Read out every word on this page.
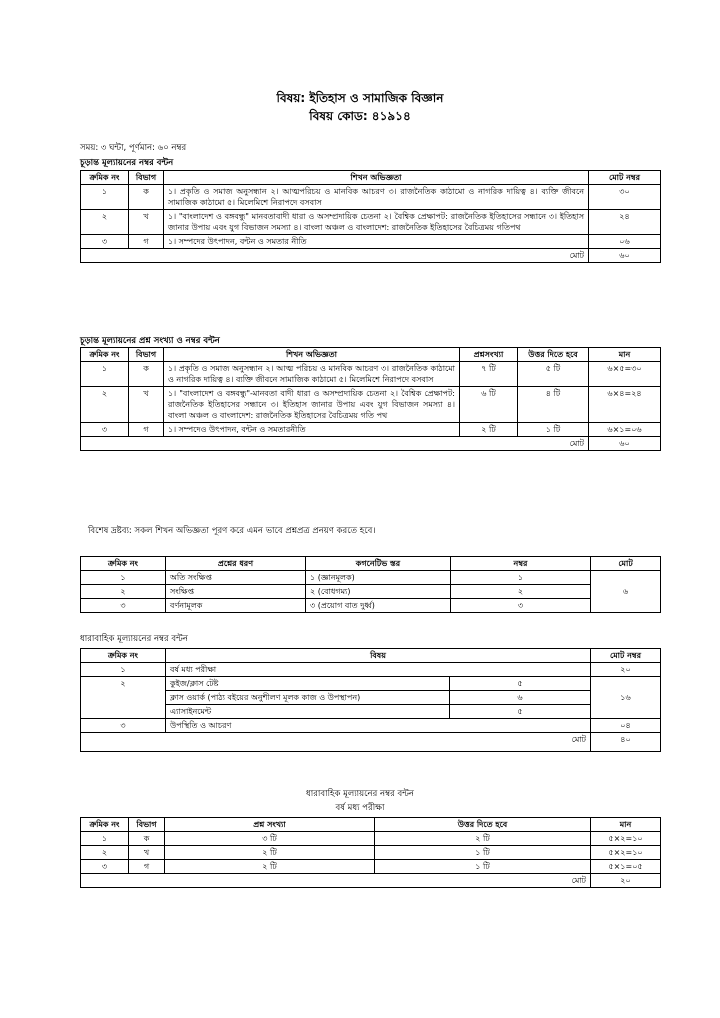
বিষয়: ইতিহাস ও সামাজিক বিজ্ঞান
বিষয় কোড: ৪১৯১৪
সময়: ৩ ঘন্টা, পূর্ণমান: ৬০ নম্বর
চূড়ান্ত মূল্যায়নের নম্বর বন্টন
ক্রমিক নং	বিভাগ	শিখন অভিজ্ঞতা	মোট নম্বর
১	ক	১। প্রকৃতি ও সমাজ অনুসন্ধান ২। আত্মপরিচয় ও মানবিক আচরণ ৩। রাজনৈতিক কাঠামো ও নাগরিক দায়িত্ব ৪। ব্যক্তি জীবনে সামাজিক কাঠামো ৫। মিলেমিশে নিরাপদে বসবাস	৩০
২	খ	১। "বাংলাদেশ ও বঙ্গবন্ধু" মানবতাবাদী ধারা ও অসম্প্রদায়িক চেতনা ২। বৈশ্বিক প্রেক্ষাপট: রাজনৈতিক ইতিহাসের সন্ধানে ৩। ইতিহাস জানার উপায় এবং যুগ বিভাজন সমস্যা ৪। বাংলা অঞ্চল ও বাংলাদেশ: রাজনৈতিক ইতিহাসের বৈচিত্রময় গতিপথ	২৪
৩	গ	১। সম্পদের উৎপাদন, বন্টন ও সমতার নীতি	০৬
মোট			৬০
চূড়ান্ত মূল্যায়নের প্রশ্ন সংখ্যা ও নম্বর বন্টন
ক্রমিক নং	বিভাগ	শিখন অভিজ্ঞতা	প্রশ্নসংখ্যা	উত্তর দিতে হবে	মান
১	ক	১। প্রকৃতি ও সমাজ অনুসন্ধান ২। আত্ম পরিচয় ও মানবিক আচরণ ৩। রাজনৈতিক কাঠামো ও নাগরিক দায়িত্ব ৪। ব্যক্তি জীবনে সামাজিক কাঠামো ৫। মিলেমিশে নিরাপদে বসবাস	৭ টি	৫ টি	৬×৫=৩০
২	খ	১। "বাংলাদেশ ও বঙ্গবন্ধু"-মানবতা বাদী ধারা ও অসম্প্রদায়িক চেতনা ২। বৈশ্বিক প্রেক্ষাপট: রাজনৈতিক ইতিহাসের সন্ধানে ৩। ইতিহাস জানার উপায় এবং যুগ বিভাজন সমস্যা ৪। বাংলা অঞ্চল ও বাংলাদেশ: রাজনৈতিক ইতিহাসের বৈচিত্রময় গতি পথ	৬ টি	৪ টি	৬×৪=২৪
৩	গ	১। সম্পদেও উৎপাদন, বন্টন ও সমতারনীতি	২ টি	১ টি	৬×১=০৬
মোট					৬০
বিশেষ দ্রষ্টব্য: সকল শিখন অভিজ্ঞতা পূরণ করে এমন ভাবে প্রশ্নপ্রত্র প্রনয়ণ করতে হবে।
ক্রমিক নং	প্রশ্নের ধরণ	কগনেটিভ স্তর	নম্বর	মোট
১	অতি সংক্ষিপ্ত	১ (জ্ঞানমূলক)	১	৬
২	সংক্ষিপ্ত	২ (বোধগম্য)	২	
৩	বর্ণনামূলক	৩ (প্রয়োগ বাত দুর্ধ্ব)	৩	
ধারাবাহিক মূল্যায়নের নম্বর বন্টন
ক্রমিক নং	বিষয়		মোট নম্বর
১	বর্ষ মধ্য পরীক্ষা		২০
২	কুইজ/ক্লাস টেষ্ট	৫	১৬
	ক্লাস ওয়ার্ক (পাঠ্য বইয়ের অনুশীলণ মূলক কাজ ও উপস্থাপন)	৬	
	এ্যাসাইনমেন্ট	৫	
৩	উপস্থিতি ও আচরণ		০৪
মোট			৪০
ধারাবাহিক মূল্যায়নের নম্বর বন্টন
বর্ষ মধ্য পরীক্ষা
ক্রমিক নং	বিভাগ	প্রশ্ন সংখ্যা	উত্তর দিতে হবে	মান
১	ক	৩ টি	২ টি	৫×২=১০
২	খ	২ টি	১ টি	৫×২=১০
৩	গ	২ টি	১ টি	৫×১=০৫
মোট				২০
